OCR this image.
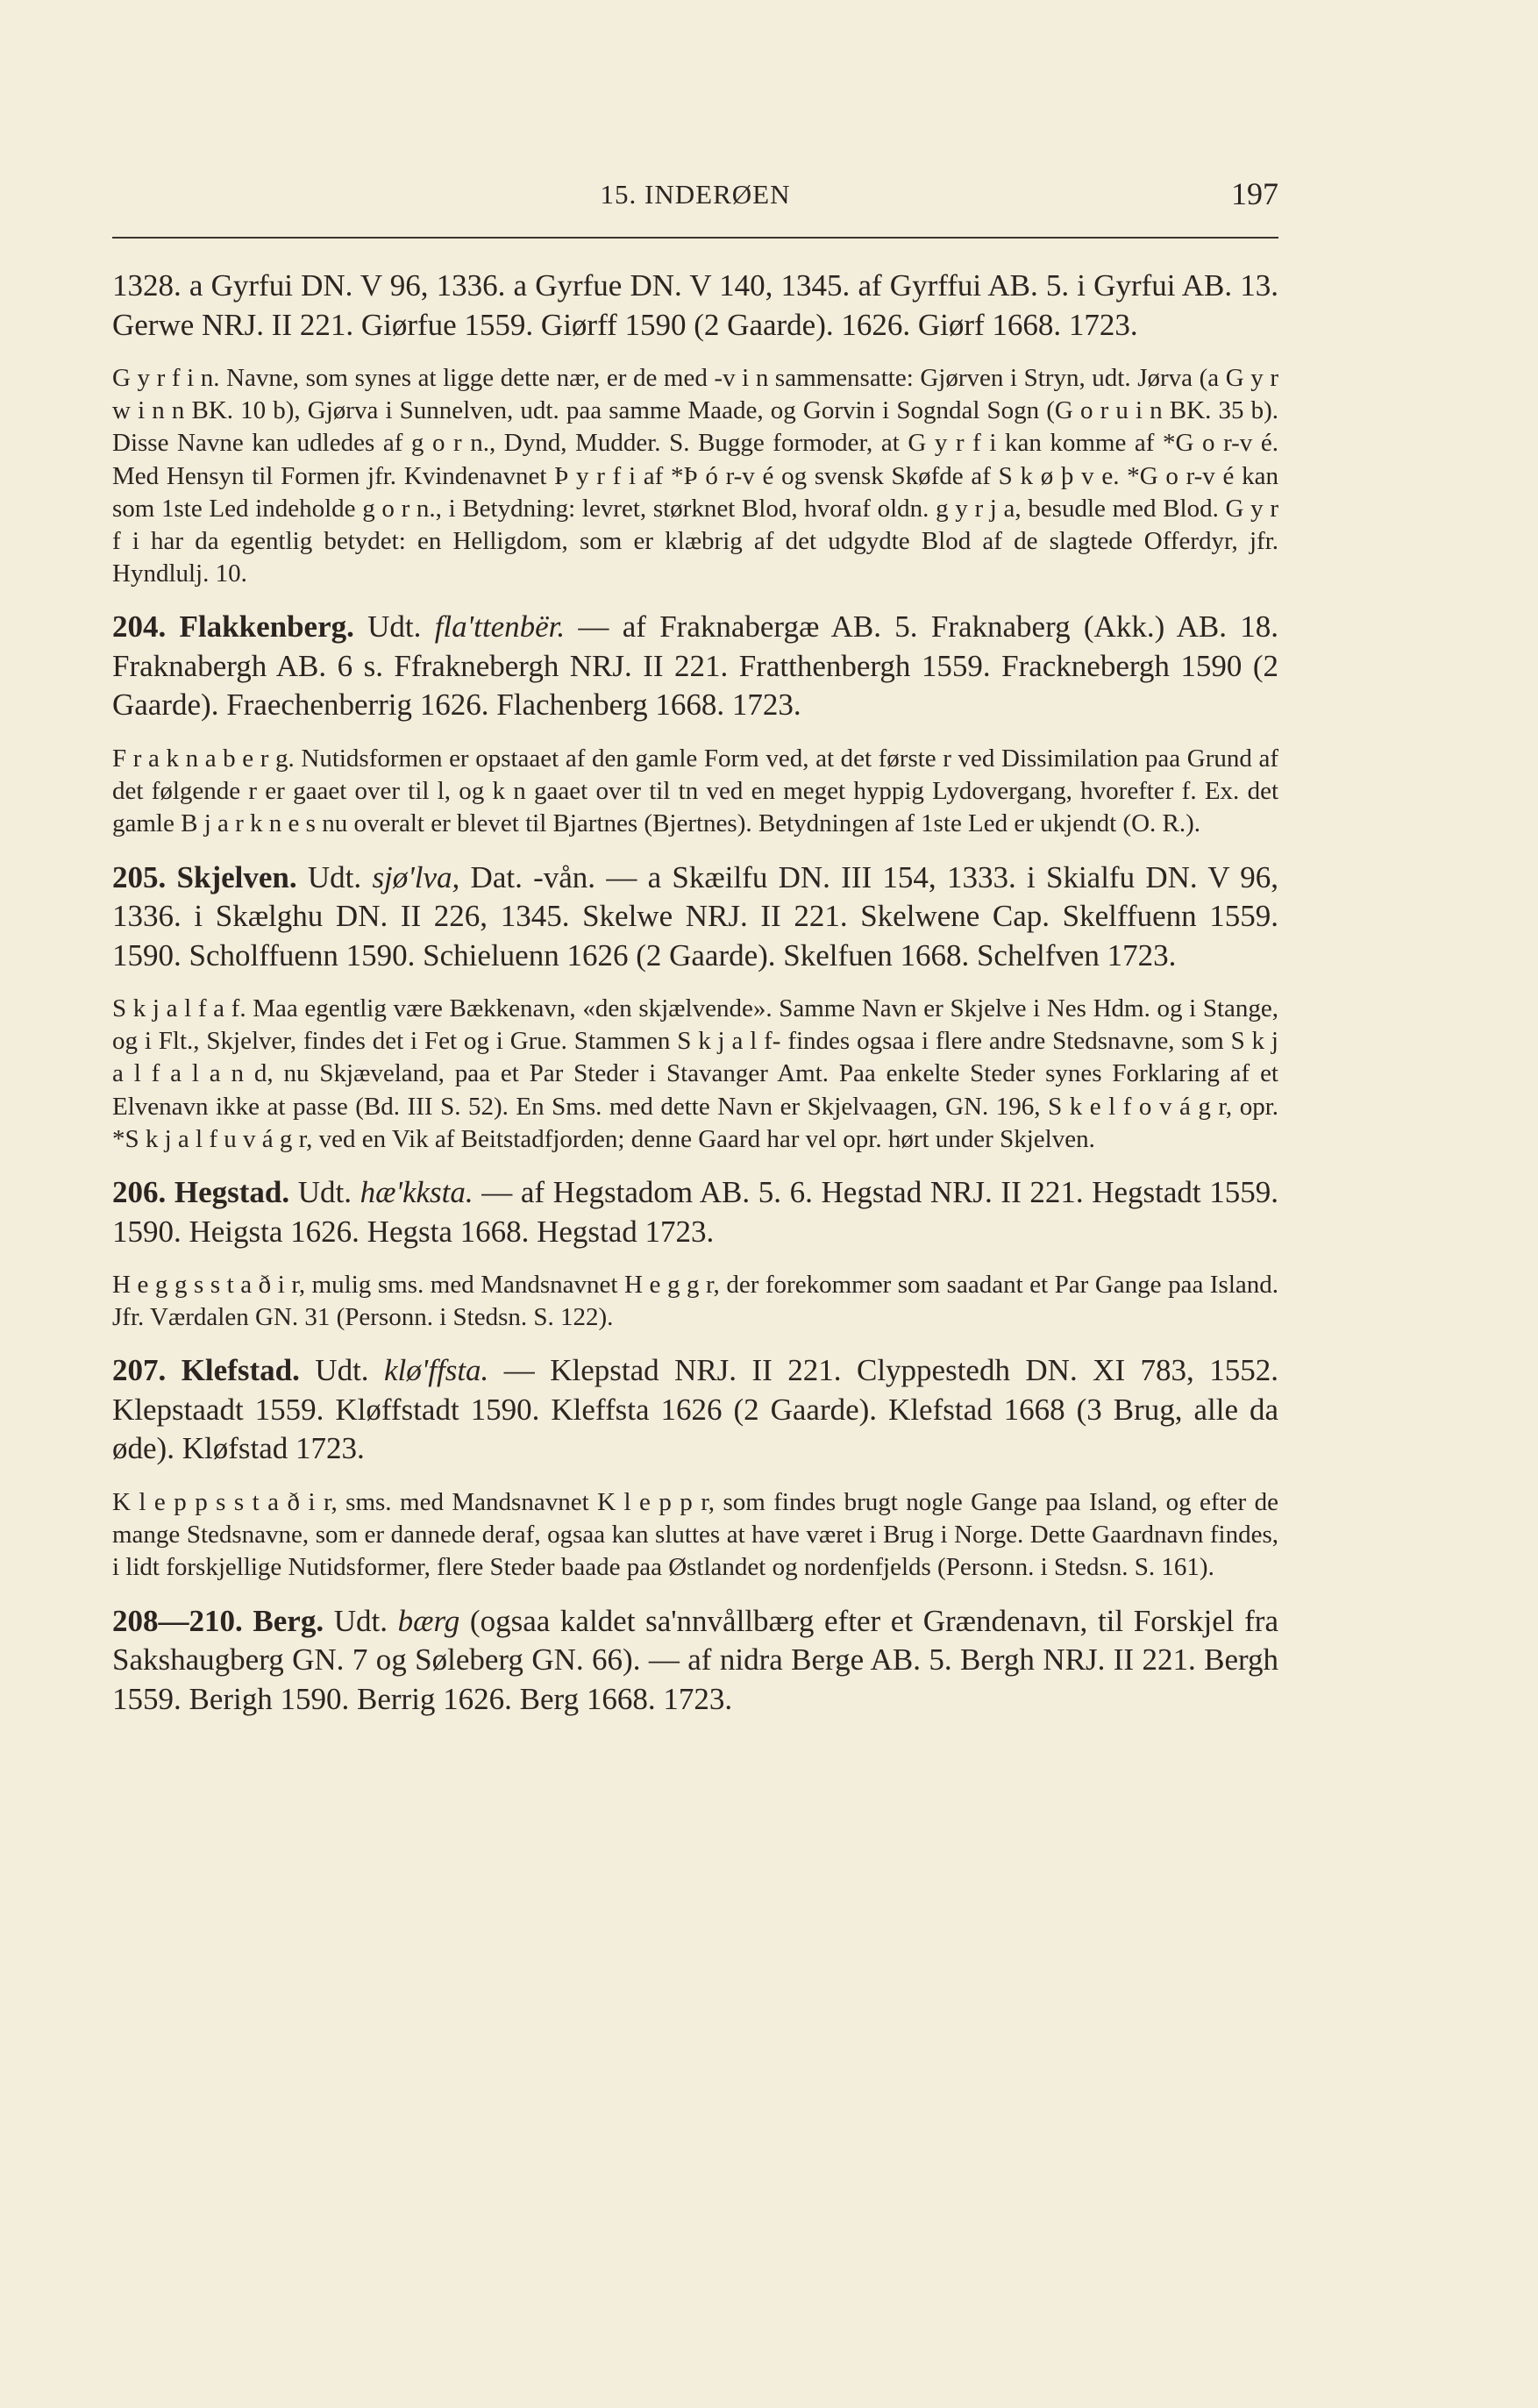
15. INDERØEN	197

1328. a Gyrfui DN. V 96, 1336. a Gyrfue DN. V 140, 1345. af Gyrffui AB. 5. i Gyrfui AB. 13. Gerwe NRJ. II 221. Giørfue 1559. Giørff 1590 (2 Gaarde). 1626. Giørf 1668. 1723.

G y r f i n. Navne, som synes at ligge dette nær, er de med -v i n sammensatte: Gjørven i Stryn, udt. Jørva (a G y r w i n n BK. 10 b), Gjørva i Sunnelven, udt. paa samme Maade, og Gorvin i Sogndal Sogn (G o r u i n BK. 35 b). Disse Navne kan udledes af g o r n., Dynd, Mudder. S. Bugge formoder, at G y r f i kan komme af *G o r-v é. Med Hensyn til Formen jfr. Kvindenavnet Þ y r f i af *Þ ó r-v é og svensk Skøfde af S k ø þ v e. *G o r-v é kan som 1ste Led indeholde g o r n., i Betydning: levret, størknet Blod, hvoraf oldn. g y r j a, besudle med Blod. G y r f i har da egentlig betydet: en Helligdom, som er klæbrig af det udgydte Blod af de slagtede Offerdyr, jfr. Hyndlulj. 10.

204. Flakkenberg. Udt. fla'ttenbër. — af Fraknabergæ AB. 5. Fraknaberg (Akk.) AB. 18. Fraknabergh AB. 6 s. Ffraknebergh NRJ. II 221. Fratthenbergh 1559. Fracknebergh 1590 (2 Gaarde). Fraechenberrig 1626. Flachenberg 1668. 1723.

F r a k n a b e r g. Nutidsformen er opstaaet af den gamle Form ved, at det første r ved Dissimilation paa Grund af det følgende r er gaaet over til l, og k n gaaet over til tn ved en meget hyppig Lydovergang, hvorefter f. Ex. det gamle B j a r k n e s nu overalt er blevet til Bjartnes (Bjertnes). Betydningen af 1ste Led er ukjendt (O. R.).

205. Skjelven. Udt. sjø'lva, Dat. -vån. — a Skæilfu DN. III 154, 1333. i Skialfu DN. V 96, 1336. i Skælghu DN. II 226, 1345. Skelwe NRJ. II 221. Skelwene Cap. Skelffuenn 1559. 1590. Scholffuenn 1590. Schieluenn 1626 (2 Gaarde). Skelfuen 1668. Schelfven 1723.

S k j a l f a f. Maa egentlig være Bækkenavn, «den skjælvende». Samme Navn er Skjelve i Nes Hdm. og i Stange, og i Flt., Skjelver, findes det i Fet og i Grue. Stammen S k j a l f- findes ogsaa i flere andre Stedsnavne, som S k j a l f a l a n d, nu Skjæveland, paa et Par Steder i Stavanger Amt. Paa enkelte Steder synes Forklaring af et Elvenavn ikke at passe (Bd. III S. 52). En Sms. med dette Navn er Skjelvaagen, GN. 196, S k e l f o v á g r, opr. *S k j a l f u v á g r, ved en Vik af Beitstadfjorden; denne Gaard har vel opr. hørt under Skjelven.

206. Hegstad. Udt. hæ'kksta. — af Hegstadom AB. 5. 6. Hegstad NRJ. II 221. Hegstadt 1559. 1590. Heigsta 1626. Hegsta 1668. Hegstad 1723.

H e g g s s t a ð i r, mulig sms. med Mandsnavnet H e g g r, der forekommer som saadant et Par Gange paa Island. Jfr. Værdalen GN. 31 (Personn. i Stedsn. S. 122).

207. Klefstad. Udt. klø'ffsta. — Klepstad NRJ. II 221. Clyppestedh DN. XI 783, 1552. Klepstaadt 1559. Kløffstadt 1590. Kleffsta 1626 (2 Gaarde). Klefstad 1668 (3 Brug, alle da øde). Kløfstad 1723.

K l e p p s s t a ð i r, sms. med Mandsnavnet K l e p p r, som findes brugt nogle Gange paa Island, og efter de mange Stedsnavne, som er dannede deraf, ogsaa kan sluttes at have været i Brug i Norge. Dette Gaardnavn findes, i lidt forskjellige Nutidsformer, flere Steder baade paa Østlandet og nordenfjelds (Personn. i Stedsn. S. 161).

208—210. Berg. Udt. bærg (ogsaa kaldet sa'nnvållbærg efter et Grændenavn, til Forskjel fra Sakshaugberg GN. 7 og Søleberg GN. 66). — af nidra Berge AB. 5. Bergh NRJ. II 221. Bergh 1559. Berigh 1590. Berrig 1626. Berg 1668. 1723.
